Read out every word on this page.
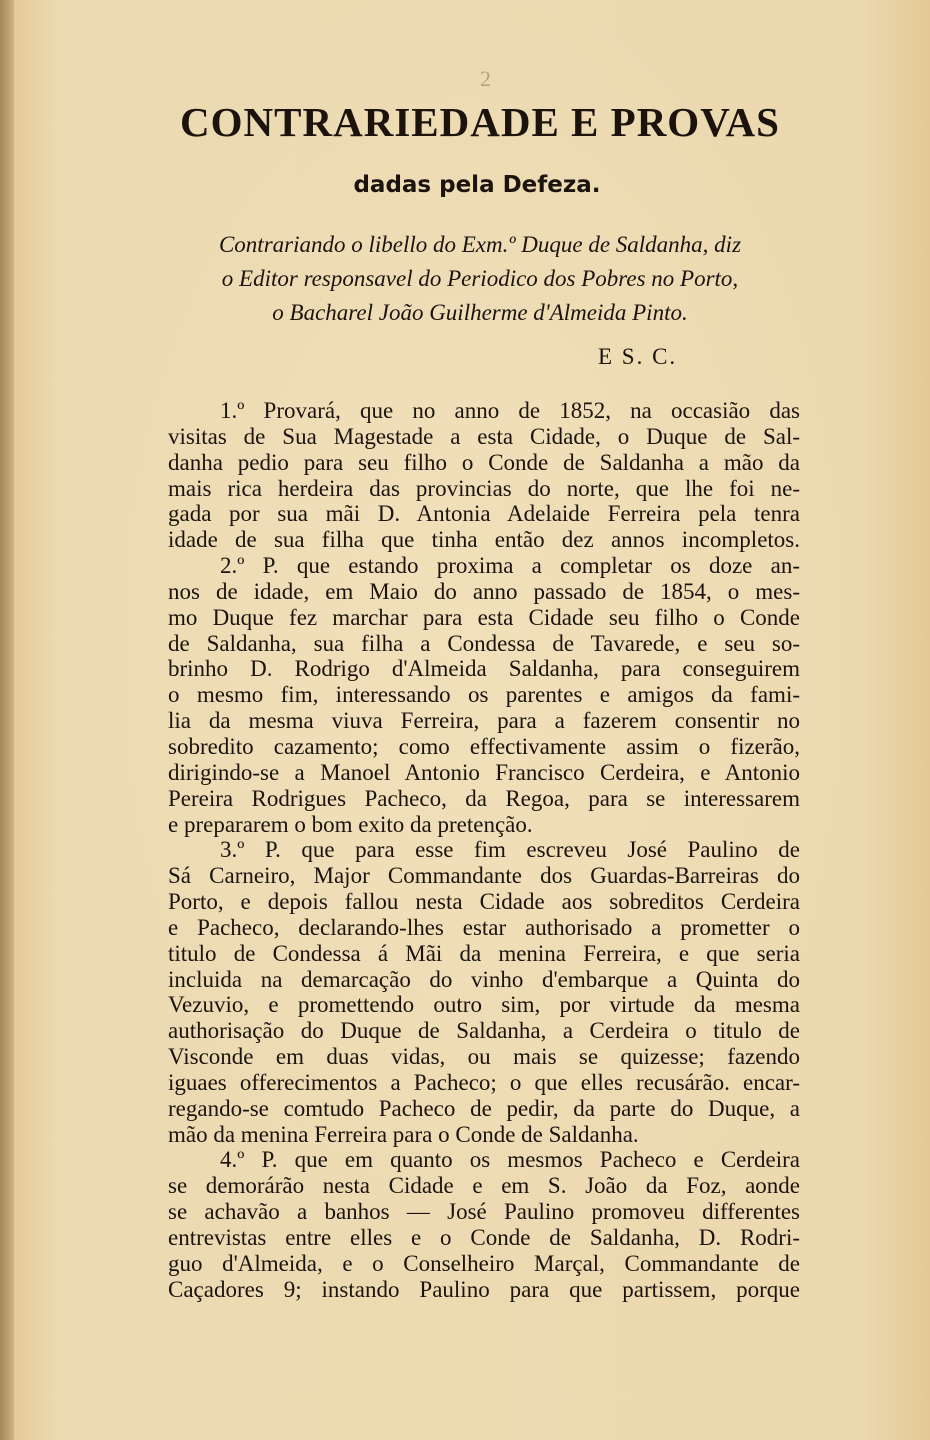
2
CONTRARIEDADE E PROVAS
dadas pela Defeza.

Contrariando o libello do Exm.º Duque de Saldanha, diz
o Editor responsavel do Periodico dos Pobres no Porto,
o Bacharel João Guilherme d'Almeida Pinto.

E S. C.

1.º Provará, que no anno de 1852, na occasião das
visitas de Sua Magestade a esta Cidade, o Duque de Sal-
danha pedio para seu filho o Conde de Saldanha a mão da
mais rica herdeira das provincias do norte, que lhe foi ne-
gada por sua mãi D. Antonia Adelaide Ferreira pela tenra
idade de sua filha que tinha então dez annos incompletos.
2.º P. que estando proxima a completar os doze an-
nos de idade, em Maio do anno passado de 1854, o mes-
mo Duque fez marchar para esta Cidade seu filho o Conde
de Saldanha, sua filha a Condessa de Tavarede, e seu so-
brinho D. Rodrigo d'Almeida Saldanha, para conseguirem
o mesmo fim, interessando os parentes e amigos da fami-
lia da mesma viuva Ferreira, para a fazerem consentir no
sobredito cazamento; como effectivamente assim o fizerão,
dirigindo-se a Manoel Antonio Francisco Cerdeira, e Antonio
Pereira Rodrigues Pacheco, da Regoa, para se interessarem
e prepararem o bom exito da pretenção.
3.º P. que para esse fim escreveu José Paulino de
Sá Carneiro, Major Commandante dos Guardas-Barreiras do
Porto, e depois fallou nesta Cidade aos sobreditos Cerdeira
e Pacheco, declarando-lhes estar authorisado a prometter o
titulo de Condessa á Mãi da menina Ferreira, e que seria
incluida na demarcação do vinho d'embarque a Quinta do
Vezuvio, e promettendo outro sim, por virtude da mesma
authorisação do Duque de Saldanha, a Cerdeira o titulo de
Visconde em duas vidas, ou mais se quizesse; fazendo
iguaes offerecimentos a Pacheco; o que elles recusárão. encar-
regando-se comtudo Pacheco de pedir, da parte do Duque, a
mão da menina Ferreira para o Conde de Saldanha.
4.º P. que em quanto os mesmos Pacheco e Cerdeira
se demorárão nesta Cidade e em S. João da Foz, aonde
se achavão a banhos — José Paulino promoveu differentes
entrevistas entre elles e o Conde de Saldanha, D. Rodri-
guo d'Almeida, e o Conselheiro Marçal, Commandante de
Caçadores 9; instando Paulino para que partissem, porque
